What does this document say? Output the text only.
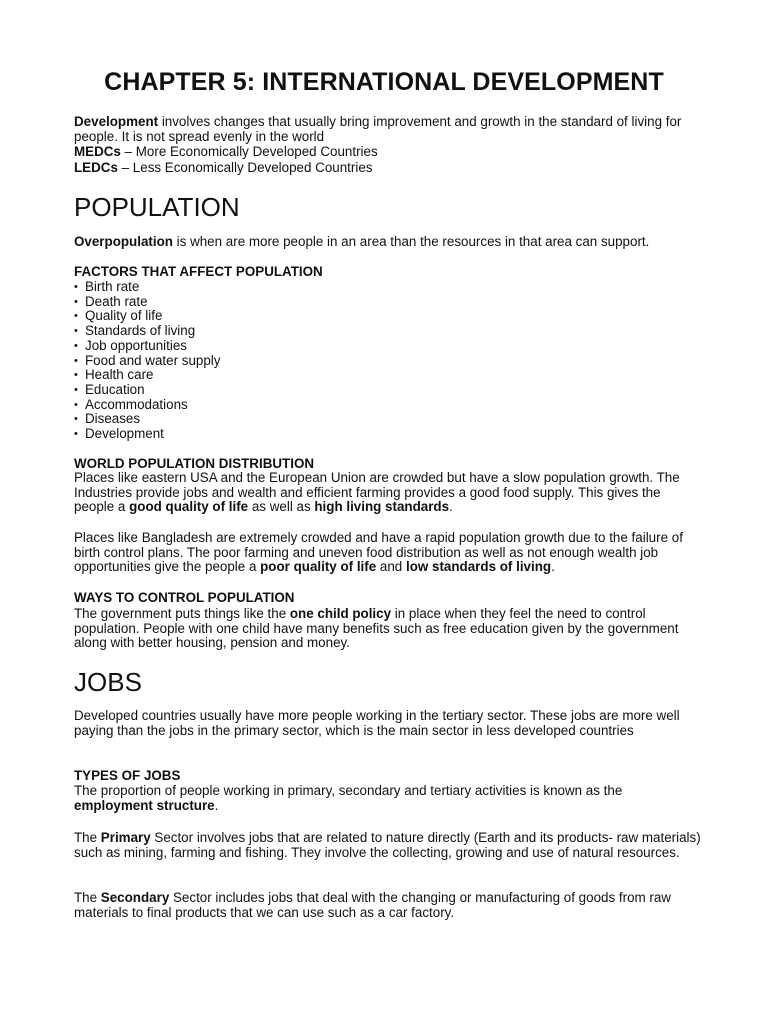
CHAPTER 5: INTERNATIONAL DEVELOPMENT

Development involves changes that usually bring improvement and growth in the standard of living for people. It is not spread evenly in the world

MEDCs – More Economically Developed Countries

LEDCs – Less Economically Developed Countries

POPULATION

Overpopulation is when are more people in an area than the resources in that area can support.

FACTORS THAT AFFECT POPULATION

• Birth rate
• Death rate
• Quality of life
• Standards of living
• Job opportunities
• Food and water supply
• Health care
• Education
• Accommodations
• Diseases
• Development

WORLD POPULATION DISTRIBUTION

Places like eastern USA and the European Union are crowded but have a slow population growth. The Industries provide jobs and wealth and efficient farming provides a good food supply. This gives the people a good quality of life as well as high living standards.

Places like Bangladesh are extremely crowded and have a rapid population growth due to the failure of birth control plans. The poor farming and uneven food distribution as well as not enough wealth job opportunities give the people a poor quality of life and low standards of living.

WAYS TO CONTROL POPULATION

The government puts things like the one child policy in place when they feel the need to control population. People with one child have many benefits such as free education given by the government along with better housing, pension and money.

JOBS

Developed countries usually have more people working in the tertiary sector. These jobs are more well paying than the jobs in the primary sector, which is the main sector in less developed countries

TYPES OF JOBS

The proportion of people working in primary, secondary and tertiary activities is known as the employment structure.

The Primary Sector involves jobs that are related to nature directly (Earth and its products- raw materials) such as mining, farming and fishing. They involve the collecting, growing and use of natural resources.

The Secondary Sector includes jobs that deal with the changing or manufacturing of goods from raw materials to final products that we can use such as a car factory.
